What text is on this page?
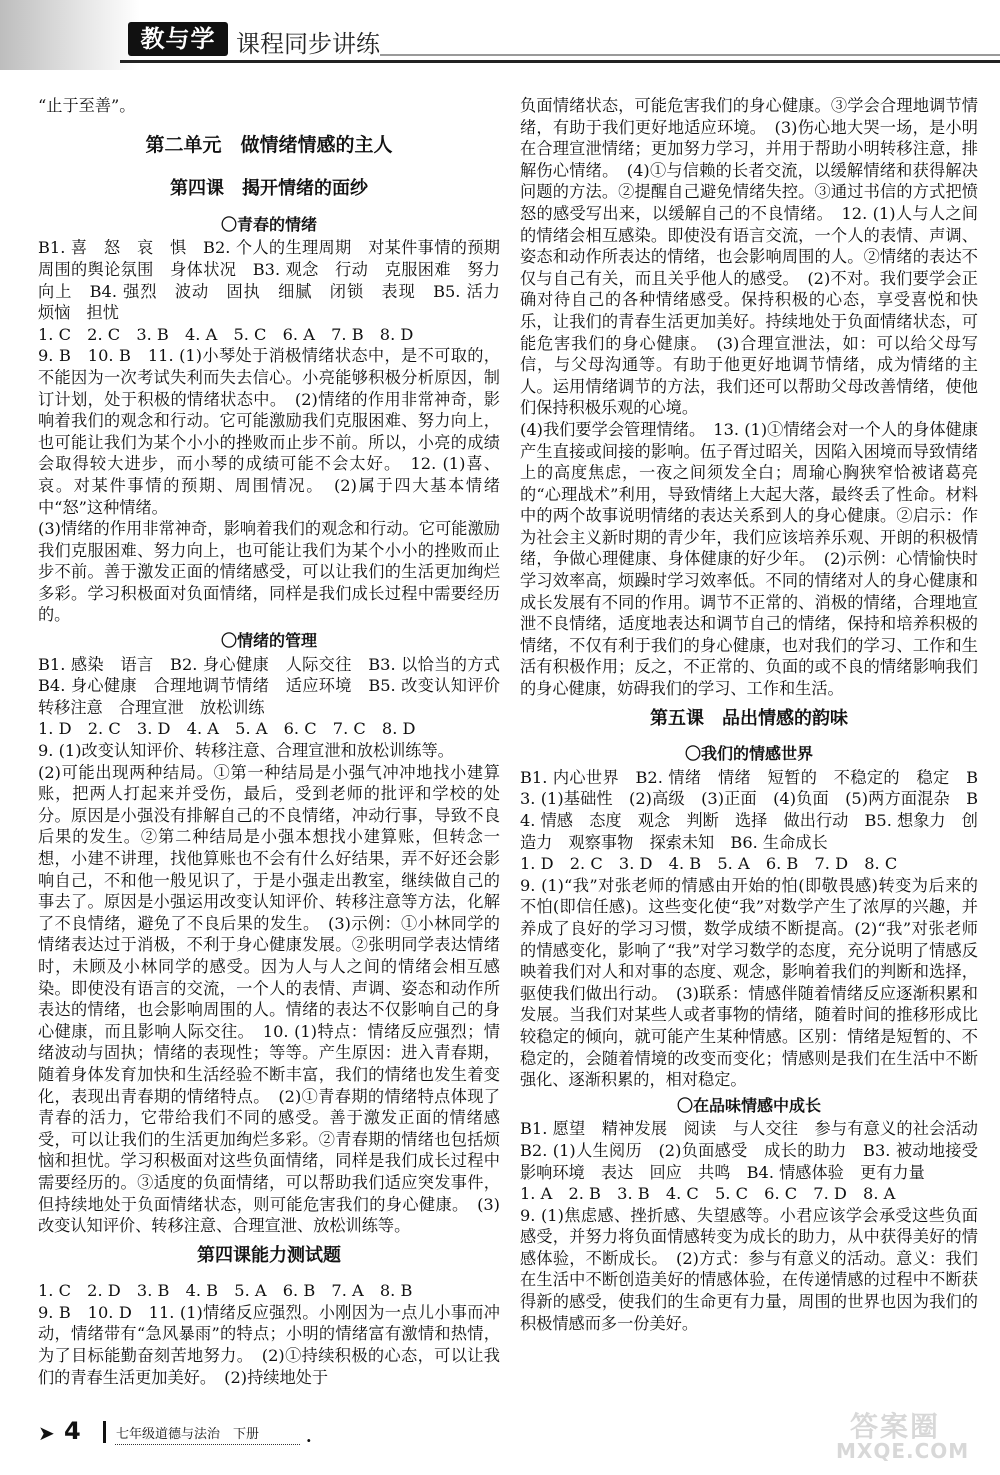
教与学 课程同步讲练
“止于至善”。
第二单元　做情绪情感的主人
第四课　揭开情绪的面纱
〇青春的情绪
B1. 喜　怒　哀　惧　B2. 个人的生理周期　对某件事情的预期　周围的舆论氛围　身体状况　B3. 观念　行动　克服困难　努力向上　B4. 强烈　波动　固执　细腻　闭锁　表现　B5. 活力　烦恼　担忧
1. C　2. C　3. B　4. A　5. C　6. A　7. B　8. D
9. B　10. B　11. (1)小琴处于消极情绪状态中，是不可取的，不能因为一次考试失利而失去信心。小亮能够积极分析原因，制订计划，处于积极的情绪状态中。　(2)情绪的作用非常神奇，影响着我们的观念和行动。它可能激励我们克服困难、努力向上，也可能让我们为某个小小的挫败而止步不前。所以，小亮的成绩会取得较大进步，而小琴的成绩可能不会太好。　12. (1)喜、哀。对某件事情的预期、周围情况。　(2)属于四大基本情绪中“怒”这种情绪。
(3)情绪的作用非常神奇，影响着我们的观念和行动。它可能激励我们克服困难、努力向上，也可能让我们为某个小小的挫败而止步不前。善于激发正面的情绪感受，可以让我们的生活更加绚烂多彩。学习积极面对负面情绪，同样是我们成长过程中需要经历的。
〇情绪的管理
B1. 感染　语言　B2. 身心健康　人际交往　B3. 以恰当的方式　B4. 身心健康　合理地调节情绪　适应环境　B5. 改变认知评价　转移注意　合理宣泄　放松训练
1. D　2. C　3. D　4. A　5. A　6. C　7. C　8. D
9. (1)改变认知评价、转移注意、合理宣泄和放松训练等。
(2)可能出现两种结局。①第一种结局是小强气冲冲地找小建算账，把两人打起来并受伤，最后，受到老师的批评和学校的处分。原因是小强没有排解自己的不良情绪，冲动行事，导致不良后果的发生。②第二种结局是小强本想找小建算账，但转念一想，小建不讲理，找他算账也不会有什么好结果，弄不好还会影响自己，不和他一般见识了，于是小强走出教室，继续做自己的事去了。原因是小强运用改变认知评价、转移注意等方法，化解了不良情绪，避免了不良后果的发生。　(3)示例：①小林同学的情绪表达过于消极，不利于身心健康发展。②张明同学表达情绪时，未顾及小林同学的感受。因为人与人之间的情绪会相互感染。即使没有语言的交流，一个人的表情、声调、姿态和动作所表达的情绪，也会影响周围的人。情绪的表达不仅影响自己的身心健康，而且影响人际交往。　10. (1)特点：情绪反应强烈；情绪波动与固执；情绪的表现性；等等。产生原因：进入青春期，随着身体发育加快和生活经验不断丰富，我们的情绪也发生着变化，表现出青春期的情绪特点。　(2)①青春期的情绪特点体现了青春的活力，它带给我们不同的感受。善于激发正面的情绪感受，可以让我们的生活更加绚烂多彩。②青春期的情绪也包括烦恼和担忧。学习积极面对这些负面情绪，同样是我们成长过程中需要经历的。③适度的负面情绪，可以帮助我们适应突发事件，但持续地处于负面情绪状态，则可能危害我们的身心健康。　(3)改变认知评价、转移注意、合理宣泄、放松训练等。
第四课能力测试题
1. C　2. D　3. B　4. B　5. A　6. B　7. A　8. B
9. B　10. D　11. (1)情绪反应强烈。小刚因为一点儿小事而冲动，情绪带有“急风暴雨”的特点；小明的情绪富有激情和热情，为了目标能勤奋刻苦地努力。　(2)①持续积极的心态，可以让我们的青春生活更加美好。　(2)持续地处于
负面情绪状态，可能危害我们的身心健康。③学会合理地调节情绪，有助于我们更好地适应环境。　(3)伤心地大哭一场，是小明在合理宣泄情绪；更加努力学习，并用于帮助小明转移注意，排解伤心情绪。　(4)①与信赖的长者交流，以缓解情绪和获得解决问题的方法。②提醒自己避免情绪失控。③通过书信的方式把愤怒的感受写出来，以缓解自己的不良情绪。　12. (1)人与人之间的情绪会相互感染。即使没有语言交流，一个人的表情、声调、姿态和动作所表达的情绪，也会影响周围的人。②情绪的表达不仅与自己有关，而且关乎他人的感受。　(2)不对。我们要学会正确对待自己的各种情绪感受。保持积极的心态，享受喜悦和快乐，让我们的青春生活更加美好。持续地处于负面情绪状态，可能危害我们的身心健康。　(3)合理宣泄法，如：可以给父母写信，与父母沟通等。有助于他更好地调节情绪，成为情绪的主人。运用情绪调节的方法，我们还可以帮助父母改善情绪，使他们保持积极乐观的心境。
(4)我们要学会管理情绪。　13. (1)①情绪会对一个人的身体健康产生直接或间接的影响。伍子胥过昭关，因陷入困境而导致情绪上的高度焦虑，一夜之间须发全白；周瑜心胸狭窄恰被诸葛亮的“心理战术”利用，导致情绪上大起大落，最终丢了性命。材料中的两个故事说明情绪的表达关系到人的身心健康。②启示：作为社会主义新时期的青少年，我们应该培养乐观、开朗的积极情绪，争做心理健康、身体健康的好少年。　(2)示例：心情愉快时学习效率高，烦躁时学习效率低。不同的情绪对人的身心健康和成长发展有不同的作用。调节不正常的、消极的情绪，合理地宣泄不良情绪，适度地表达和调节自己的情绪，保持和培养积极的情绪，不仅有利于我们的身心健康，也对我们的学习、工作和生活有积极作用；反之，不正常的、负面的或不良的情绪影响我们的身心健康，妨碍我们的学习、工作和生活。
第五课　品出情感的韵味
〇我们的情感世界
B1. 内心世界　B2. 情绪　情绪　短暂的　不稳定的　稳定　B3. (1)基础性　(2)高级　(3)正面　(4)负面　(5)两方面混杂　B4. 情感　态度　观念　判断　选择　做出行动　B5. 想象力　创造力　观察事物　探索未知　B6. 生命成长
1. D　2. C　3. D　4. B　5. A　6. B　7. D　8. C
9. (1)“我”对张老师的情感由开始的怕(即敬畏感)转变为后来的不怕(即信任感)。这些变化使“我”对数学产生了浓厚的兴趣，并养成了良好的学习习惯，数学成绩不断提高。(2)“我”对张老师的情感变化，影响了“我”对学习数学的态度，充分说明了情感反映着我们对人和对事的态度、观念，影响着我们的判断和选择，驱使我们做出行动。　(3)联系：情感伴随着情绪反应逐渐积累和发展。当我们对某些人或者事物的情绪，随着时间的推移形成比较稳定的倾向，就可能产生某种情感。区别：情绪是短暂的、不稳定的，会随着情境的改变而变化；情感则是我们在生活中不断强化、逐渐积累的，相对稳定。
〇在品味情感中成长
B1. 愿望　精神发展　阅读　与人交往　参与有意义的社会活动　B2. (1)人生阅历　(2)负面感受　成长的助力　B3. 被动地接受　影响环境　表达　回应　共鸣　B4. 情感体验　更有力量
1. A　2. B　3. B　4. C　5. C　6. C　7. D　8. A
9. (1)焦虑感、挫折感、失望感等。小君应该学会承受这些负面感受，并努力将负面情感转变为成长的助力，从中获得美好的情感体验，不断成长。　(2)方式：参与有意义的活动。意义：我们在生活中不断创造美好的情感体验，在传递情感的过程中不断获得新的感受，使我们的生命更有力量，周围的世界也因为我们的积极情感而多一份美好。
➤ 4	七年级道德与法治　下册	.	答案圈
MXQE.COM
